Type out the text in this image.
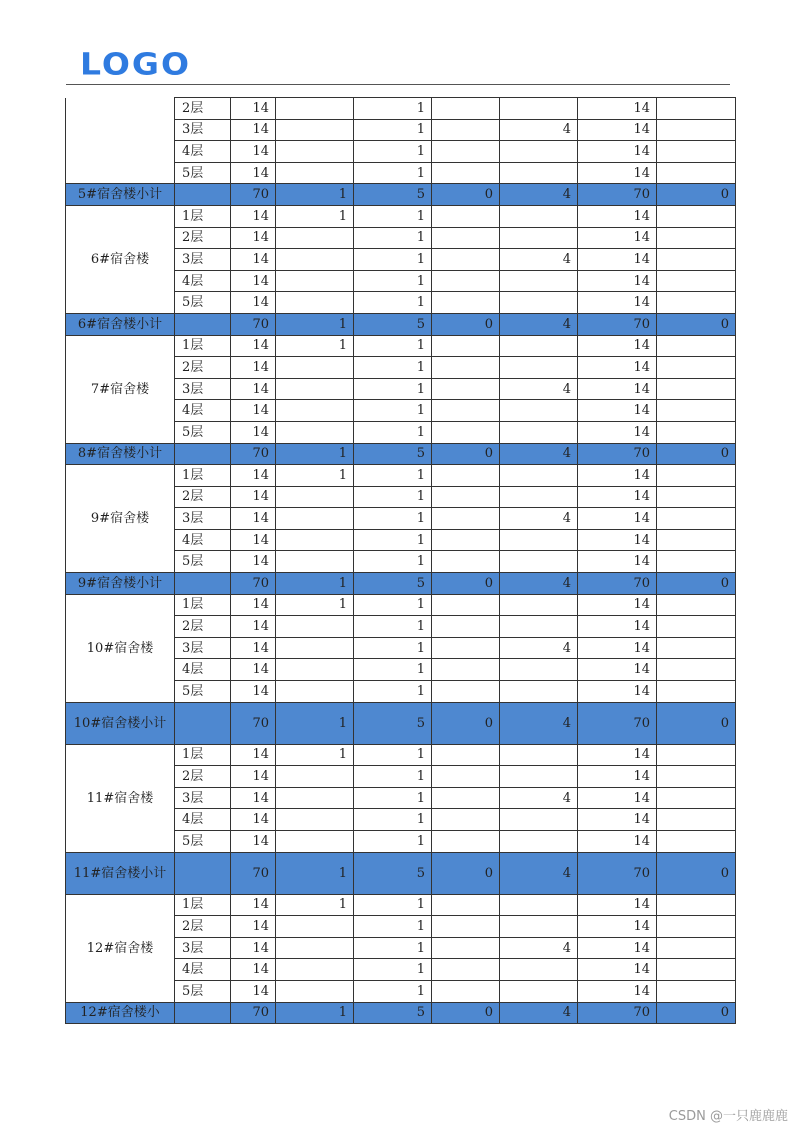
LOGO
	2层	14		1			14	
	3层	14		1		4	14	
	4层	14		1			14	
	5层	14		1			14	
5#宿舍楼小计		70	1	5	0	4	70	0
6#宿舍楼	1层	14	1	1			14	
	2层	14		1			14	
	3层	14		1		4	14	
	4层	14		1			14	
	5层	14		1			14	
6#宿舍楼小计		70	1	5	0	4	70	0
7#宿舍楼	1层	14	1	1			14	
	2层	14		1			14	
	3层	14		1		4	14	
	4层	14		1			14	
	5层	14		1			14	
8#宿舍楼小计		70	1	5	0	4	70	0
9#宿舍楼	1层	14	1	1			14	
	2层	14		1			14	
	3层	14		1		4	14	
	4层	14		1			14	
	5层	14		1			14	
9#宿舍楼小计		70	1	5	0	4	70	0
10#宿舍楼	1层	14	1	1			14	
	2层	14		1			14	
	3层	14		1		4	14	
	4层	14		1			14	
	5层	14		1			14	
10#宿舍楼小计		70	1	5	0	4	70	0
11#宿舍楼	1层	14	1	1			14	
	2层	14		1			14	
	3层	14		1		4	14	
	4层	14		1			14	
	5层	14		1			14	
11#宿舍楼小计		70	1	5	0	4	70	0
12#宿舍楼	1层	14	1	1			14	
	2层	14		1			14	
	3层	14		1		4	14	
	4层	14		1			14	
	5层	14		1			14	
12#宿舍楼小		70	1	5	0	4	70	0
CSDN @一只鹿鹿鹿
